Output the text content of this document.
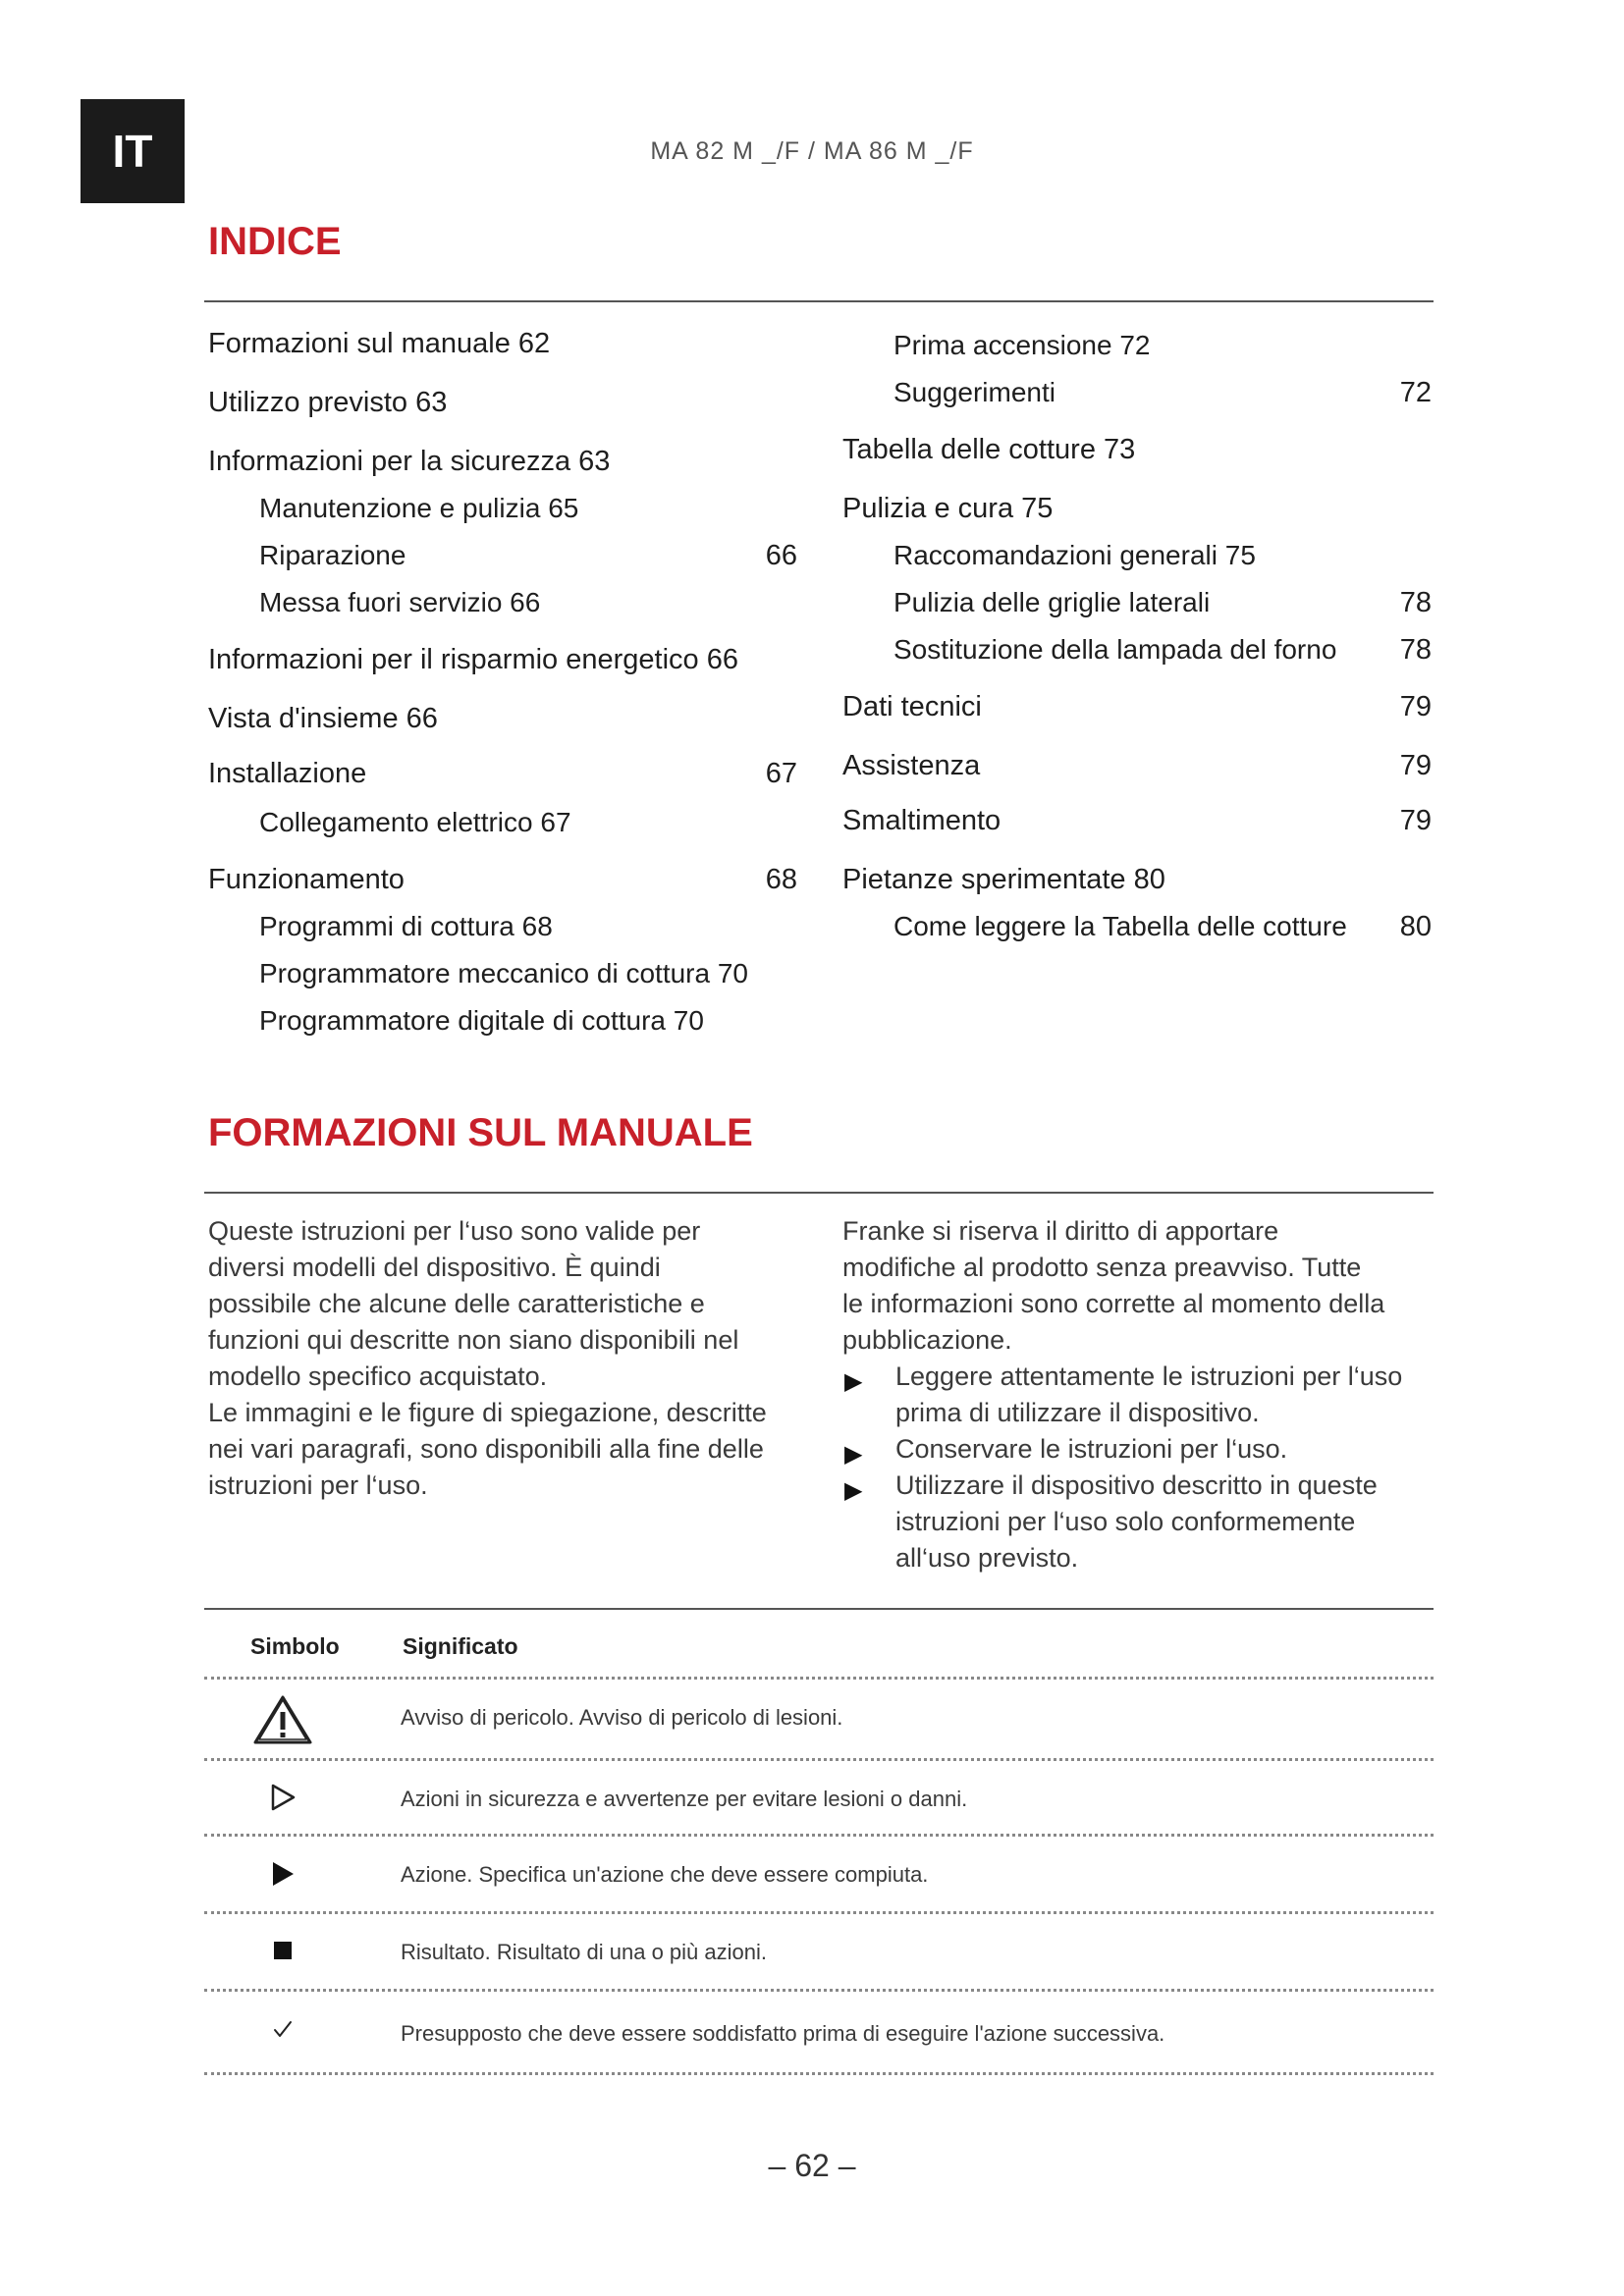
IT	MA 82 M _/F / MA 86 M _/F
INDICE
Formazioni sul manuale 62
Utilizzo previsto 63
Informazioni per la sicurezza 63
Manutenzione e pulizia 65
Riparazione	66
Messa fuori servizio 66
Informazioni per il risparmio energetico 66
Vista d'insieme 66
Installazione	67
Collegamento elettrico 67
Funzionamento	68
Programmi di cottura 68
Programmatore meccanico di cottura 70
Programmatore digitale di cottura 70
Prima accensione 72
Suggerimenti	72
Tabella delle cotture 73
Pulizia e cura 75
Raccomandazioni generali 75
Pulizia delle griglie laterali	78
Sostituzione della lampada del forno	78
Dati tecnici	79
Assistenza	79
Smaltimento	79
Pietanze sperimentate 80
Come leggere la Tabella delle cotture	80
FORMAZIONI SUL MANUALE
Queste istruzioni per l‘uso sono valide per
diversi modelli del dispositivo. È quindi
possibile che alcune delle caratteristiche e
funzioni qui descritte non siano disponibili nel
modello specifico acquistato.
Le immagini e le figure di spiegazione, descritte
nei vari paragrafi, sono disponibili alla fine delle
istruzioni per l‘uso.
Franke si riserva il diritto di apportare
modifiche al prodotto senza preavviso. Tutte
le informazioni sono corrette al momento della
pubblicazione.
▶ Leggere attentamente le istruzioni per l‘uso prima di utilizzare il dispositivo.
▶ Conservare le istruzioni per l‘uso.
▶ Utilizzare il dispositivo descritto in queste istruzioni per l‘uso solo conformemente all‘uso previsto.
Simbolo	Significato
Avviso di pericolo. Avviso di pericolo di lesioni.
Azioni in sicurezza e avvertenze per evitare lesioni o danni.
Azione. Specifica un'azione che deve essere compiuta.
Risultato. Risultato di una o più azioni.
Presupposto che deve essere soddisfatto prima di eseguire l'azione successiva.
– 62 –
